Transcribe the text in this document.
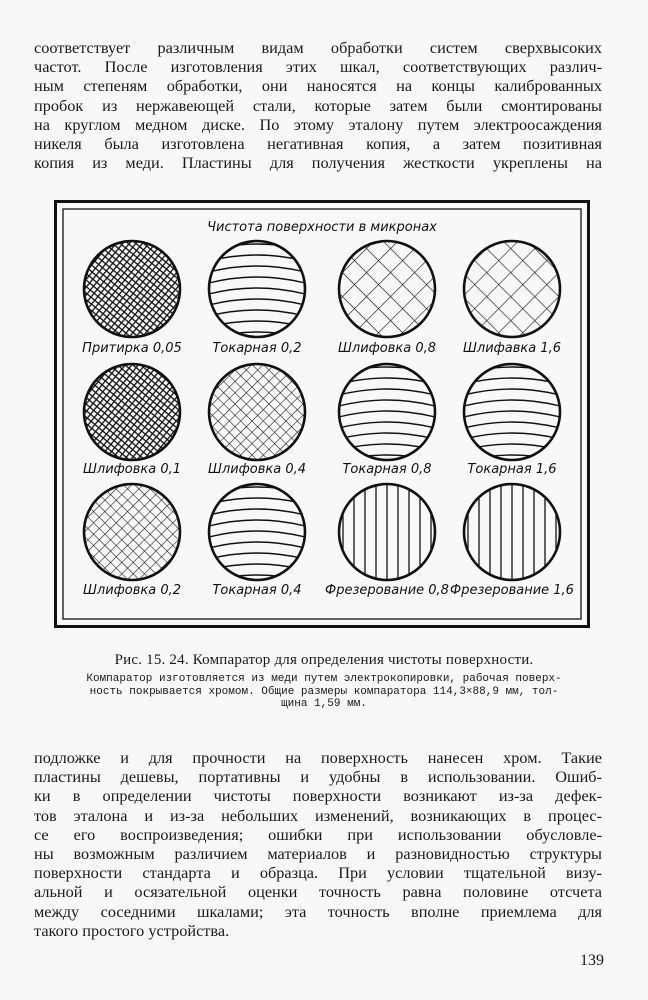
соответствует различным видам обработки систем сверхвысоких
частот. После изготовления этих шкал, соответствующих различ-
ным степеням обработки, они наносятся на концы калиброванных
пробок из нержавеющей стали, которые затем были смонтированы
на круглом медном диске. По этому эталону путем электроосаждения
никеля была изготовлена негативная копия, а затем позитивная
копия из меди. Пластины для получения жесткости укреплены на
Чистота поверхности в микронах
Притирка 0,05 Токарная 0,2	Шлифовка 0,8 Шлифавка 1,6
Шлифовка 0,1 Шлифовка 0,4	Токарная 0,8	Токарная 1,6
Шлифовка 0,2 Токарная 0,4 Фрезерование 0,8 Фрезерование 1,6
Рис. 15. 24. Компаратор для определения чистоты поверхности.
Компаратор изготовляется из меди путем электрокопировки, рабочая поверх-
ность покрывается хромом. Общие размеры компаратора 114,3×88,9 мм, тол-
щина 1,59 мм.
подложке и для прочности на поверхность нанесен хром. Такие
пластины дешевы, портативны и удобны в использовании. Ошиб-
ки в определении чистоты поверхности возникают из-за дефек-
тов эталона и из-за небольших изменений, возникающих в процес-
се его воспроизведения; ошибки при использовании обусловле-
ны возможным различием материалов и разновидностью структуры
поверхности стандарта и образца. При условии тщательной визу-
альной и осязательной оценки точность равна половине отсчета
между соседними шкалами; эта точность вполне приемлема для
такого простого устройства.
139
